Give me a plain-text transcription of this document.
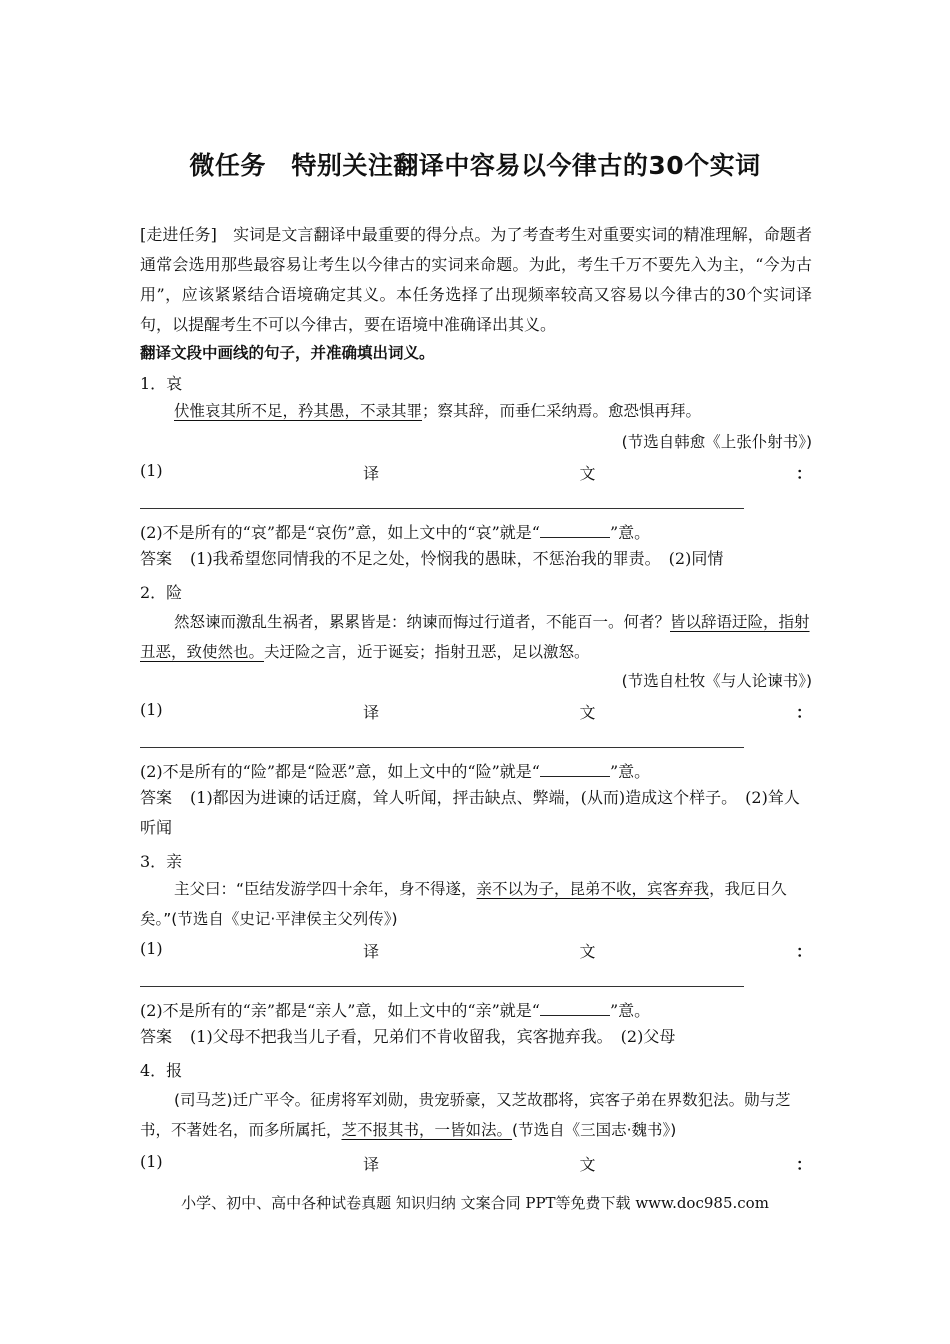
微任务　特别关注翻译中容易以今律古的30个实词

[走进任务]　 实词是文言翻译中最重要的得分点。为了考查考生对重要实词的精准理解，命题者通常会选用那些最容易让考生以今律古的实词来命题。为此，考生千万不要先入为主，“今为古用”，应该紧紧结合语境确定其义。本任务选择了出现频率较高又容易以今律古的30个实词译句，以提醒考生不可以今律古，要在语境中准确译出其义。

翻译文段中画线的句子，并准确填出词义。
1．哀
伏惟哀其所不足，矜其愚，不录其罪；察其辞，而垂仁采纳焉。愈恐惧再拜。
(节选自韩愈《上张仆射书》)
(1)	译	文	：
(2)不是所有的“哀”都是“哀伤”意，如上文中的“哀”就是“	”意。
答案 (1)我希望您同情我的不足之处，怜悯我的愚昧，不惩治我的罪责。　(2)同情
2．险
然怒谏而激乱生祸者，累累皆是：纳谏而悔过行道者，不能百一。何者？皆以辞语迂险，指射丑恶，致使然也。夫迂险之言，近于诞妄；指射丑恶，足以激怒。
(节选自杜牧《与人论谏书》)
(1)	译	文	：
(2)不是所有的“险”都是“险恶”意，如上文中的“险”就是“	”意。
答案 (1)都因为进谏的话迂腐，耸人听闻，抨击缺点、弊端，(从而)造成这个样子。　(2)耸人听闻
3．亲
主父曰：“臣结发游学四十余年，身不得遂，亲不以为子，昆弟不收，宾客弃我，我厄日久矣。”(节选自《史记·平津侯主父列传》)
(1)	译	文	：
(2)不是所有的“亲”都是“亲人”意，如上文中的“亲”就是“	”意。
答案 (1)父母不把我当儿子看，兄弟们不肯收留我，宾客抛弃我。　(2)父母
4．报
(司马芝)迁广平令。征虏将军刘勋，贵宠骄豪，又芝故郡将，宾客子弟在界数犯法。勋与芝书，不著姓名，而多所属托，芝不报其书，一皆如法。(节选自《三国志·魏书》)
(1)	译	文	：
小学、初中、高中各种试卷真题 知识归纳 文案合同 PPT等免费下载 www.doc985.com
